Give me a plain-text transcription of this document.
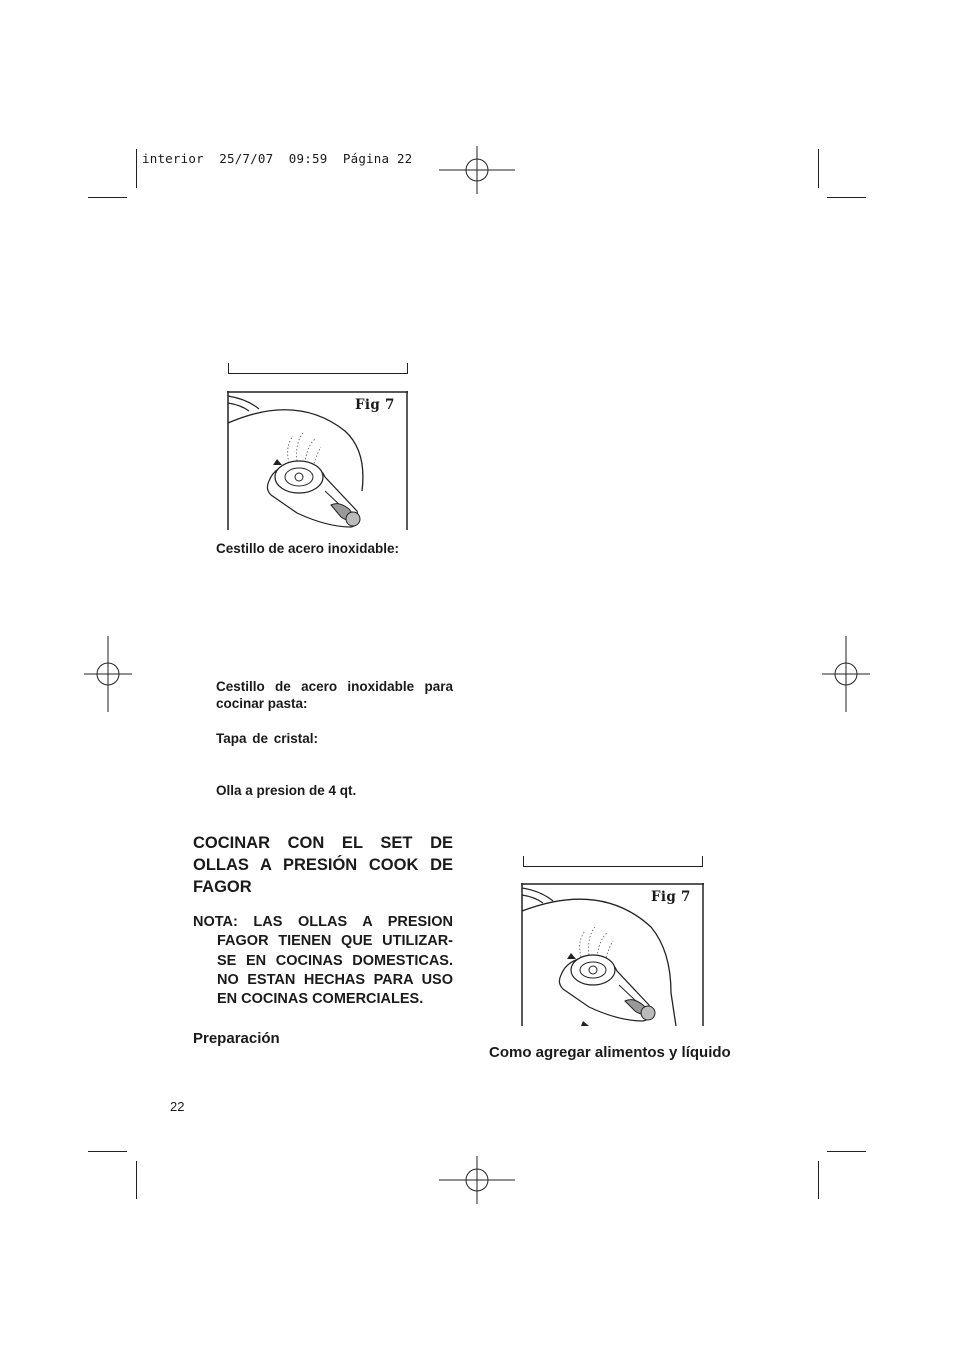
interior  25/7/07  09:59  Página 22
Fig 7
Cestillo de acero inoxidable:
Cestillo de acero inoxidable para cocinar pasta:
Tapa de cristal:
Olla a presion de 4 qt.
COCINAR CON EL SET DE OLLAS A PRESIÓN COOK DE FAGOR
NOTA: LAS OLLAS A PRESION
FAGOR TIENEN QUE UTILIZAR-SE EN COCINAS DOMESTICAS. NO ESTAN HECHAS PARA USO EN COCINAS COMERCIALES.
Preparación
Fig 7
Como agregar alimentos y líquido
22
